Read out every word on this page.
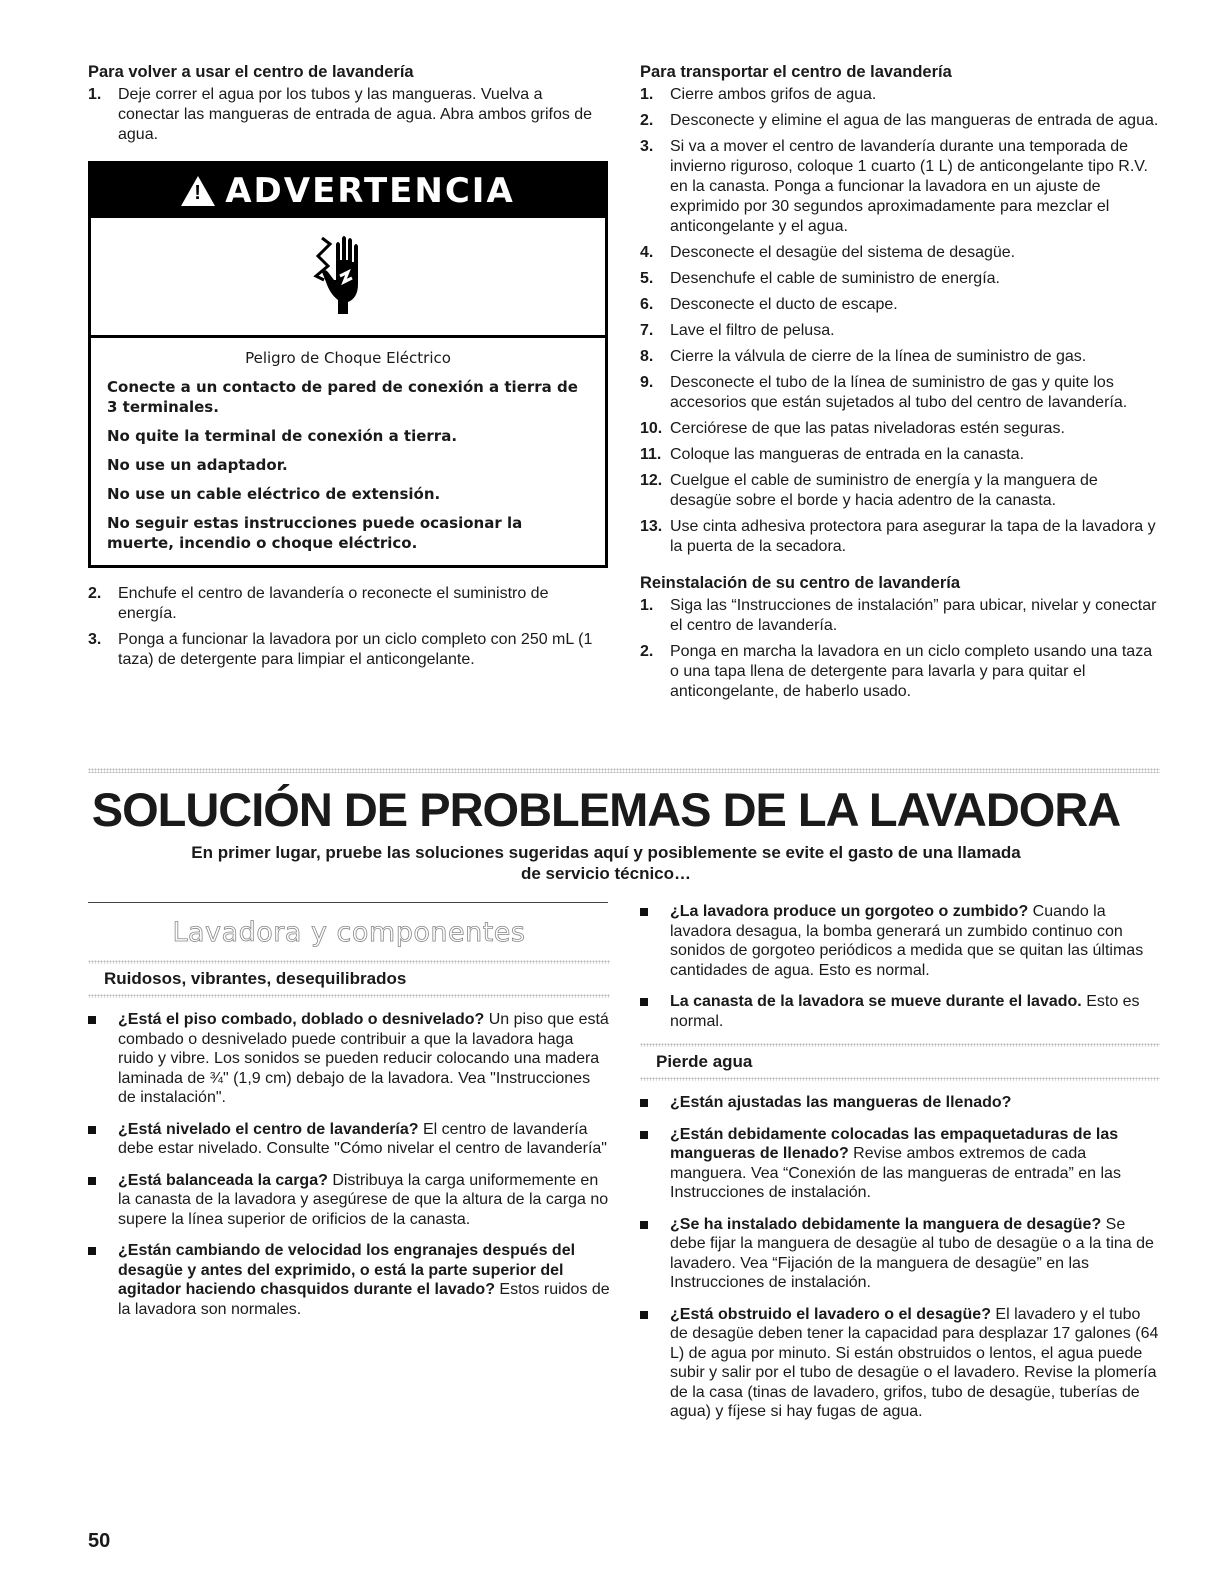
Para volver a usar el centro de lavandería
1.	Deje correr el agua por los tubos y las mangueras. Vuelva a conectar las mangueras de entrada de agua. Abra ambos grifos de agua.
! ADVERTENCIA
Peligro de Choque Eléctrico

Conecte a un contacto de pared de conexión a tierra de 3 terminales.

No quite la terminal de conexión a tierra.

No use un adaptador.

No use un cable eléctrico de extensión.

No seguir estas instrucciones puede ocasionar la muerte, incendio o choque eléctrico.

2.	Enchufe el centro de lavandería o reconecte el suministro de energía.
3.	Ponga a funcionar la lavadora por un ciclo completo con 250 mL (1 taza) de detergente para limpiar el anticongelante.
Para transportar el centro de lavandería
1.	Cierre ambos grifos de agua.
2.	Desconecte y elimine el agua de las mangueras de entrada de agua.
3.	Si va a mover el centro de lavandería durante una temporada de invierno riguroso, coloque 1 cuarto (1 L) de anticongelante tipo R.V. en la canasta. Ponga a funcionar la lavadora en un ajuste de exprimido por 30 segundos aproximadamente para mezclar el anticongelante y el agua.
4.	Desconecte el desagüe del sistema de desagüe.
5.	Desenchufe el cable de suministro de energía.
6.	Desconecte el ducto de escape.
7.	Lave el filtro de pelusa.
8.	Cierre la válvula de cierre de la línea de suministro de gas.
9.	Desconecte el tubo de la línea de suministro de gas y quite los accesorios que están sujetados al tubo del centro de lavandería.
10. Cerciórese de que las patas niveladoras estén seguras.
11. Coloque las mangueras de entrada en la canasta.
12. Cuelgue el cable de suministro de energía y la manguera de desagüe sobre el borde y hacia adentro de la canasta.
13. Use cinta adhesiva protectora para asegurar la tapa de la lavadora y la puerta de la secadora.
Reinstalación de su centro de lavandería
1.	Siga las “Instrucciones de instalación” para ubicar, nivelar y conectar el centro de lavandería.
2.	Ponga en marcha la lavadora en un ciclo completo usando una taza o una tapa llena de detergente para lavarla y para quitar el anticongelante, de haberlo usado.
SOLUCIÓN DE PROBLEMAS DE LA LAVADORA
En primer lugar, pruebe las soluciones sugeridas aquí y posiblemente se evite el gasto de una llamada de servicio técnico…
Lavadora y componentes
Ruidosos, vibrantes, desequilibrados
¿Está el piso combado, doblado o desnivelado? Un piso que está combado o desnivelado puede contribuir a que la lavadora haga ruido y vibre. Los sonidos se pueden reducir colocando una madera laminada de ¾" (1,9 cm) debajo de la lavadora. Vea "Instrucciones de instalación".
¿Está nivelado el centro de lavandería? El centro de lavandería debe estar nivelado. Consulte "Cómo nivelar el centro de lavandería"
¿Está balanceada la carga? Distribuya la carga uniformemente en la canasta de la lavadora y asegúrese de que la altura de la carga no supere la línea superior de orificios de la canasta.
¿Están cambiando de velocidad los engranajes después del desagüe y antes del exprimido, o está la parte superior del agitador haciendo chasquidos durante el lavado? Estos ruidos de la lavadora son normales.
¿La lavadora produce un gorgoteo o zumbido? Cuando la lavadora desagua, la bomba generará un zumbido continuo con sonidos de gorgoteo periódicos a medida que se quitan las últimas cantidades de agua. Esto es normal.
La canasta de la lavadora se mueve durante el lavado. Esto es normal.
Pierde agua
¿Están ajustadas las mangueras de llenado?
¿Están debidamente colocadas las empaquetaduras de las mangueras de llenado? Revise ambos extremos de cada manguera. Vea “Conexión de las mangueras de entrada” en las Instrucciones de instalación.
¿Se ha instalado debidamente la manguera de desagüe? Se debe fijar la manguera de desagüe al tubo de desagüe o a la tina de lavadero. Vea “Fijación de la manguera de desagüe” en las Instrucciones de instalación.
¿Está obstruido el lavadero o el desagüe? El lavadero y el tubo de desagüe deben tener la capacidad para desplazar 17 galones (64 L) de agua por minuto. Si están obstruidos o lentos, el agua puede subir y salir por el tubo de desagüe o el lavadero. Revise la plomería de la casa (tinas de lavadero, grifos, tubo de desagüe, tuberías de agua) y fíjese si hay fugas de agua.
50
